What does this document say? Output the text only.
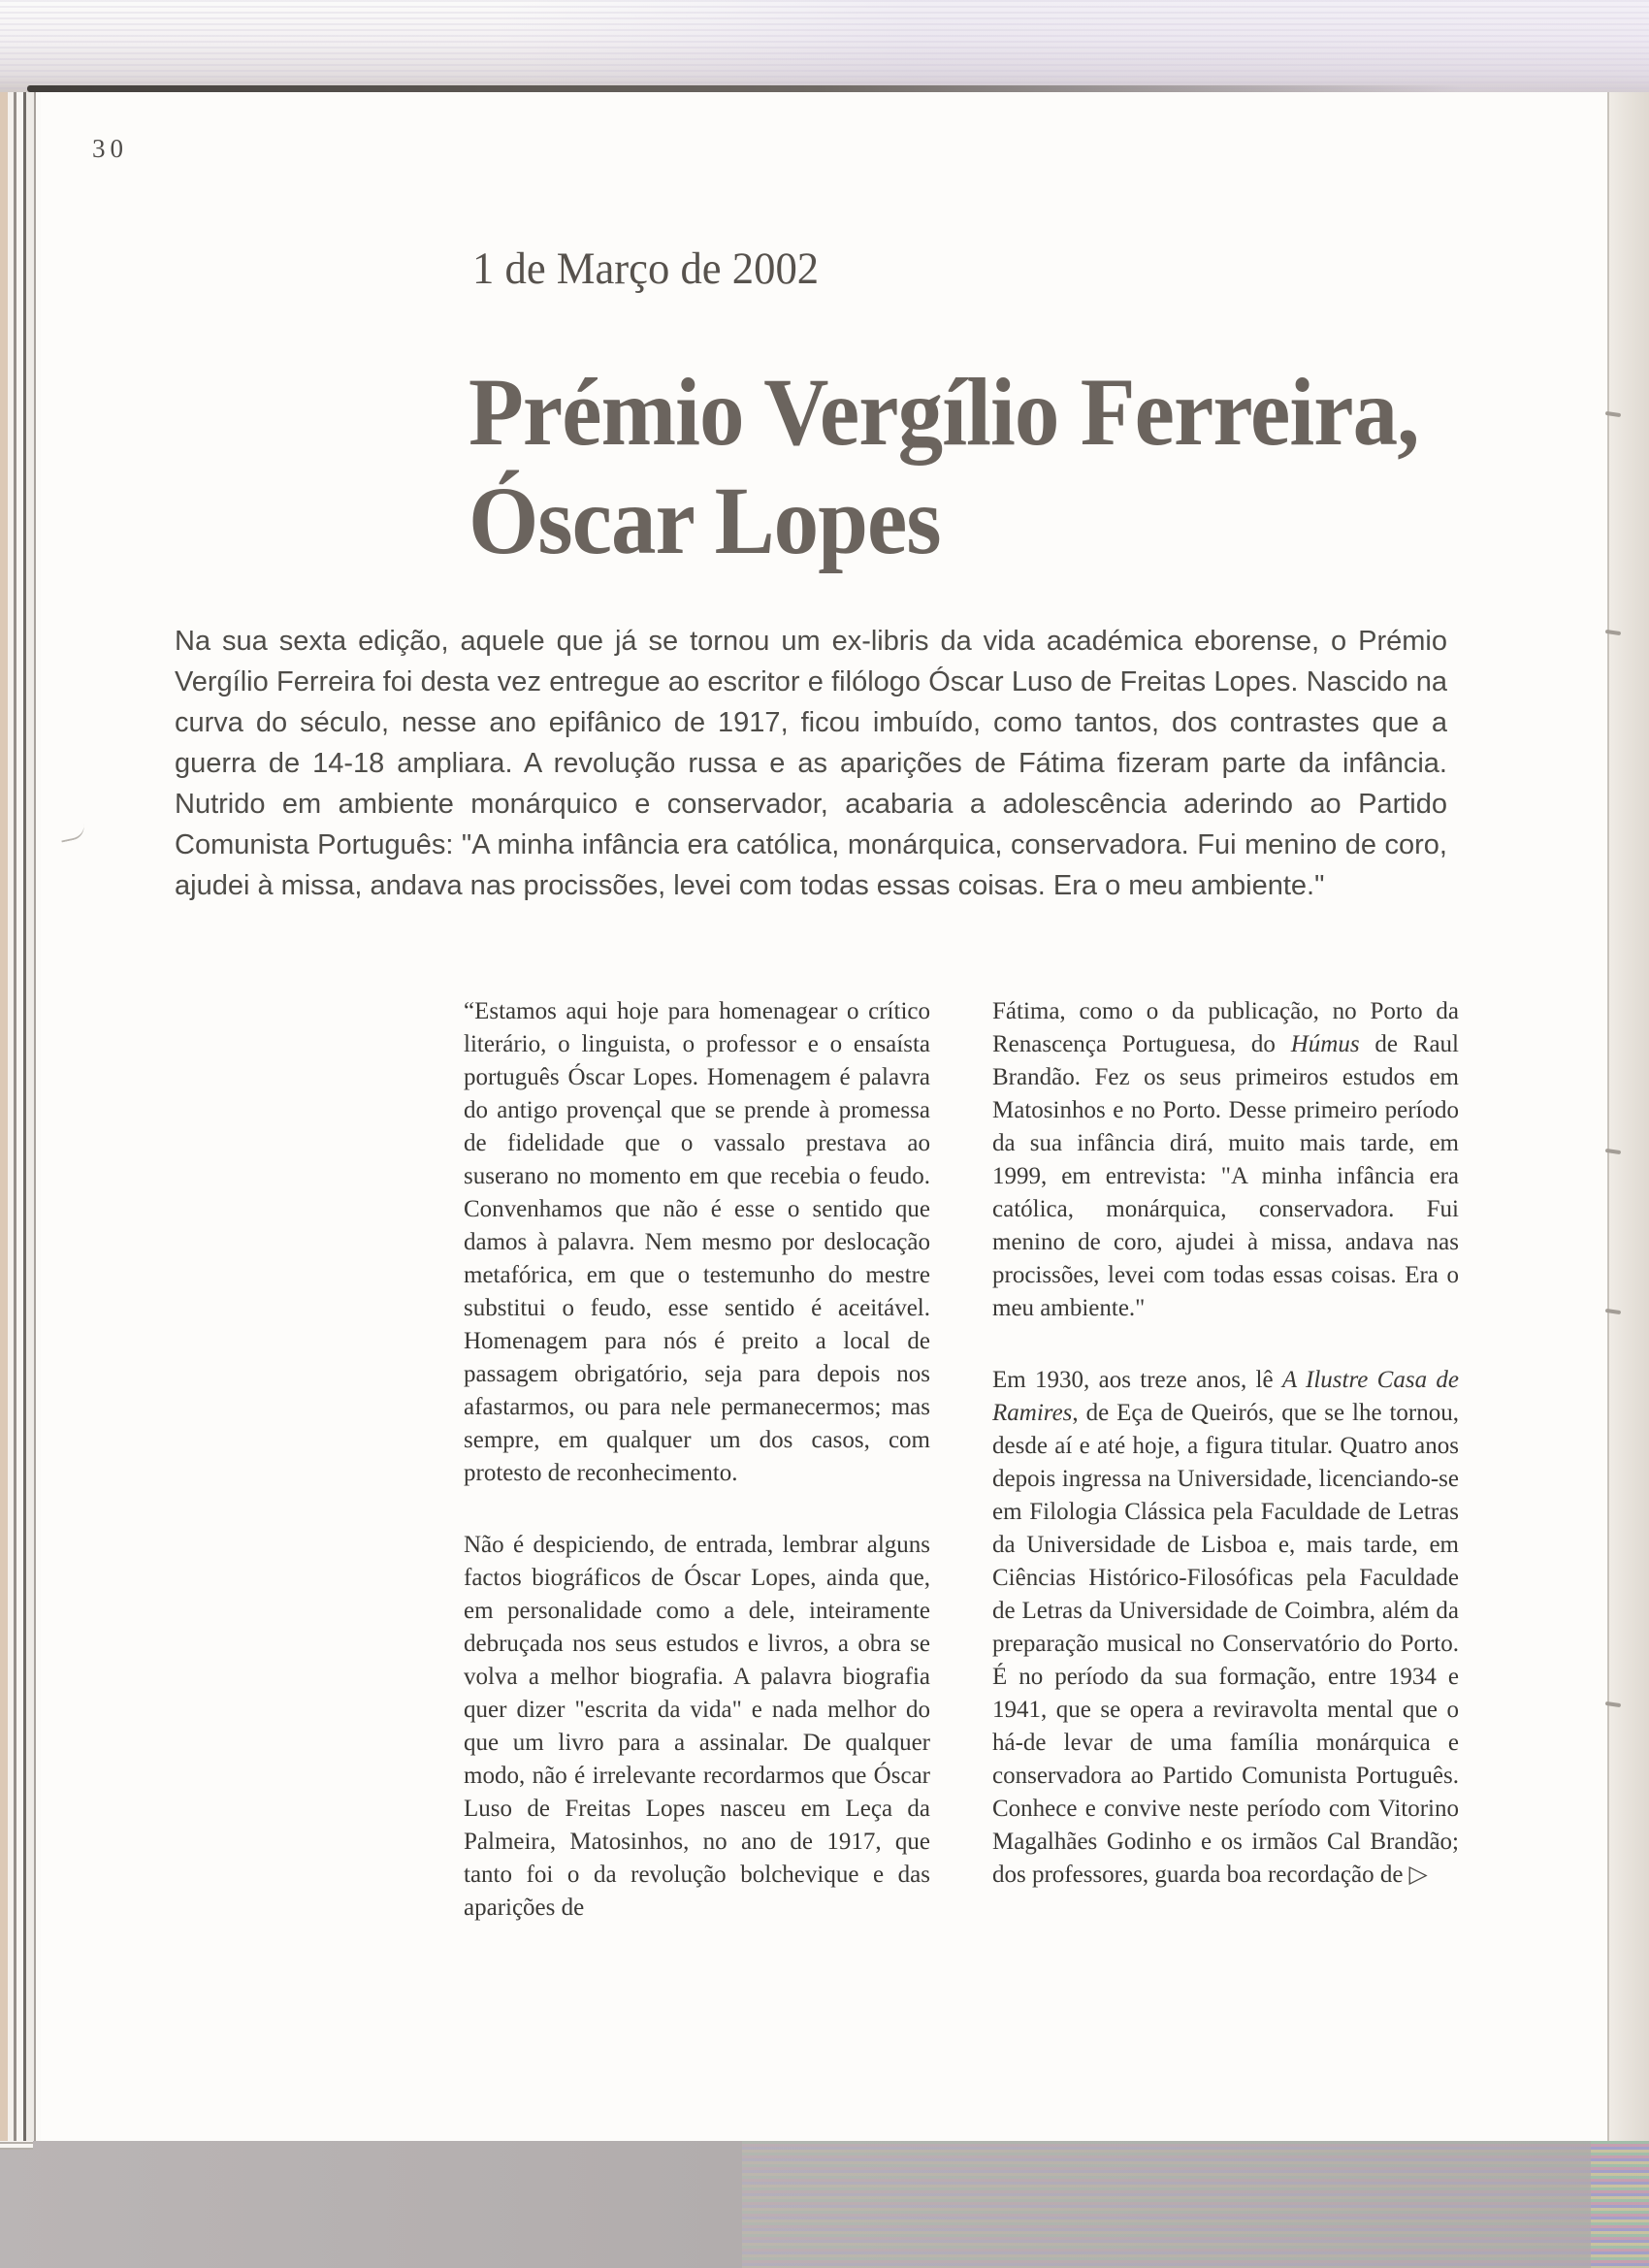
30
1 de Março de 2002
Prémio Vergílio Ferreira,
Óscar Lopes
Na sua sexta edição, aquele que já se tornou um ex-libris da vida académica eborense, o Prémio Vergílio Ferreira foi desta vez entregue ao escritor e filólogo Óscar Luso de Freitas Lopes. Nascido na curva do século, nesse ano epifânico de 1917, ficou imbuído, como tantos, dos contrastes que a guerra de 14-18 ampliara. A revolução russa e as aparições de Fátima fizeram parte da infância. Nutrido em ambiente monárquico e conservador, acabaria a adolescência aderindo ao Partido Comunista Português: "A minha infância era católica, monárquica, conservadora. Fui menino de coro, ajudei à missa, andava nas procissões, levei com todas essas coisas. Era o meu ambiente."

“Estamos aqui hoje para homenagear o crítico literário, o linguista, o professor e o ensaísta português Óscar Lopes. Homenagem é palavra do antigo provençal que se prende à promessa de fidelidade que o vassalo prestava ao suserano no momento em que recebia o feudo. Convenhamos que não é esse o sentido que damos à palavra. Nem mesmo por deslocação metafórica, em que o testemunho do mestre substitui o feudo, esse sentido é aceitável. Homenagem para nós é preito a local de passagem obrigatório, seja para depois nos afastarmos, ou para nele permanecermos; mas sempre, em qualquer um dos casos, com protesto de reconhecimento.

Não é despiciendo, de entrada, lembrar alguns factos biográficos de Óscar Lopes, ainda que, em personalidade como a dele, inteiramente debruçada nos seus estudos e livros, a obra se volva a melhor biografia. A palavra biografia quer dizer "escrita da vida" e nada melhor do que um livro para a assinalar. De qualquer modo, não é irrelevante recordarmos que Óscar Luso de Freitas Lopes nasceu em Leça da Palmeira, Matosinhos, no ano de 1917, que tanto foi o da revolução bolchevique e das aparições de

Fátima, como o da publicação, no Porto da Renascença Portuguesa, do Húmus de Raul Brandão. Fez os seus primeiros estudos em Matosinhos e no Porto. Desse primeiro período da sua infância dirá, muito mais tarde, em 1999, em entrevista: "A minha infância era católica, monárquica, conservadora. Fui menino de coro, ajudei à missa, andava nas procissões, levei com todas essas coisas. Era o meu ambiente."

Em 1930, aos treze anos, lê A Ilustre Casa de Ramires, de Eça de Queirós, que se lhe tornou, desde aí e até hoje, a figura titular. Quatro anos depois ingressa na Universidade, licenciando-se em Filologia Clássica pela Faculdade de Letras da Universidade de Lisboa e, mais tarde, em Ciências Histórico-Filosóficas pela Faculdade de Letras da Universidade de Coimbra, além da preparação musical no Conservatório do Porto. É no período da sua formação, entre 1934 e 1941, que se opera a reviravolta mental que o há-de levar de uma família monárquica e conservadora ao Partido Comunista Português. Conhece e convive neste período com Vitorino Magalhães Godinho e os irmãos Cal Brandão; dos professores, guarda boa recordação de ▷
